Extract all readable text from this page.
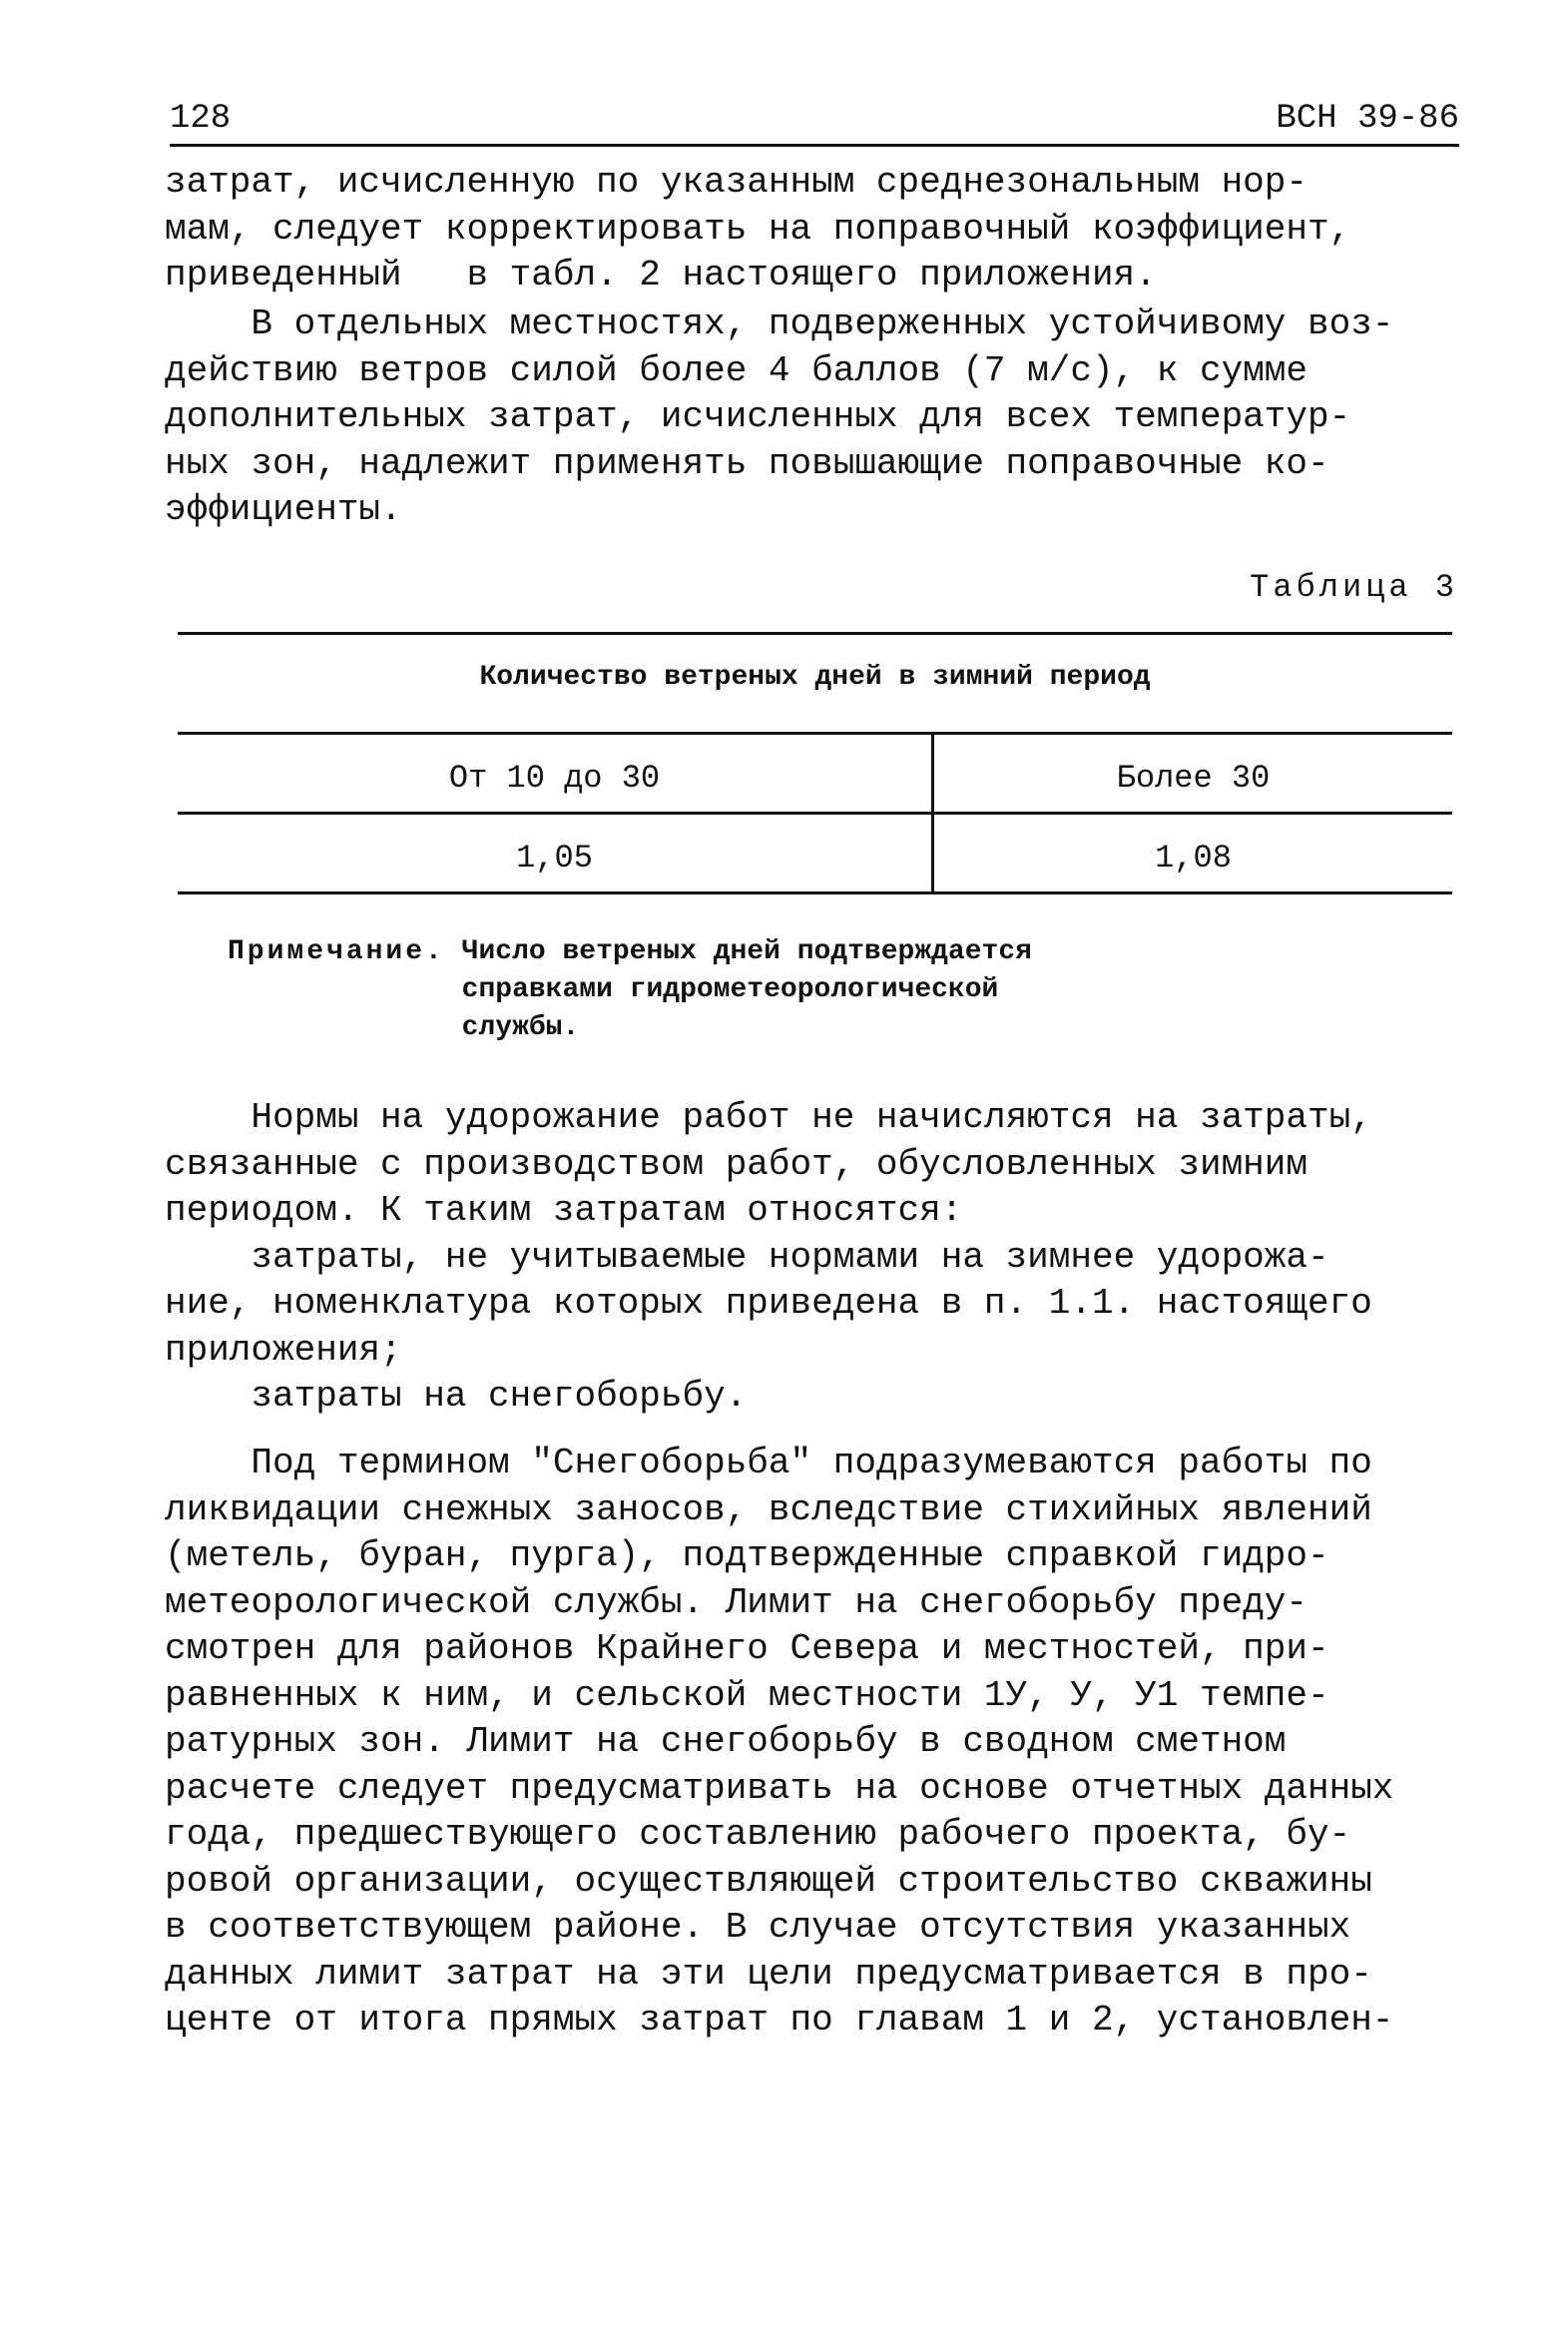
128	ВСН 39-86
затрат, исчисленную по указанным среднезональным нор-
мам, следует корректировать на поправочный коэффициент,
приведенный   в табл. 2 настоящего приложения.
В отдельных местностях, подверженных устойчивому воз-
действию ветров силой более 4 баллов (7 м/с), к сумме
дополнительных затрат, исчисленных для всех температур-
ных зон, надлежит применять повышающие поправочные ко-
эффициенты.
Таблица 3
Количество ветреных дней в зимний период
От 10 до 30	Более 30
1,05	1,08
Примечание. Число ветреных дней подтверждается
справками гидрометеорологической
службы.
Нормы на удорожание работ не начисляются на затраты,
связанные с производством работ, обусловленных зимним
периодом. К таким затратам относятся:
затраты, не учитываемые нормами на зимнее удорожа-
ние, номенклатура которых приведена в п. 1.1. настоящего
приложения;
затраты на снегоборьбу.
Под термином "Снегоборьба" подразумеваются работы по
ликвидации снежных заносов, вследствие стихийных явлений
(метель, буран, пурга), подтвержденные справкой гидро-
метеорологической службы. Лимит на снегоборьбу преду-
смотрен для районов Крайнего Севера и местностей, при-
равненных к ним, и сельской местности 1У, У, У1 темпе-
ратурных зон. Лимит на снегоборьбу в сводном сметном
расчете следует предусматривать на основе отчетных данных
года, предшествующего составлению рабочего проекта, бу-
ровой организации, осуществляющей строительство скважины
в соответствующем районе. В случае отсутствия указанных
данных лимит затрат на эти цели предусматривается в про-
центе от итога прямых затрат по главам 1 и 2, установлен-
